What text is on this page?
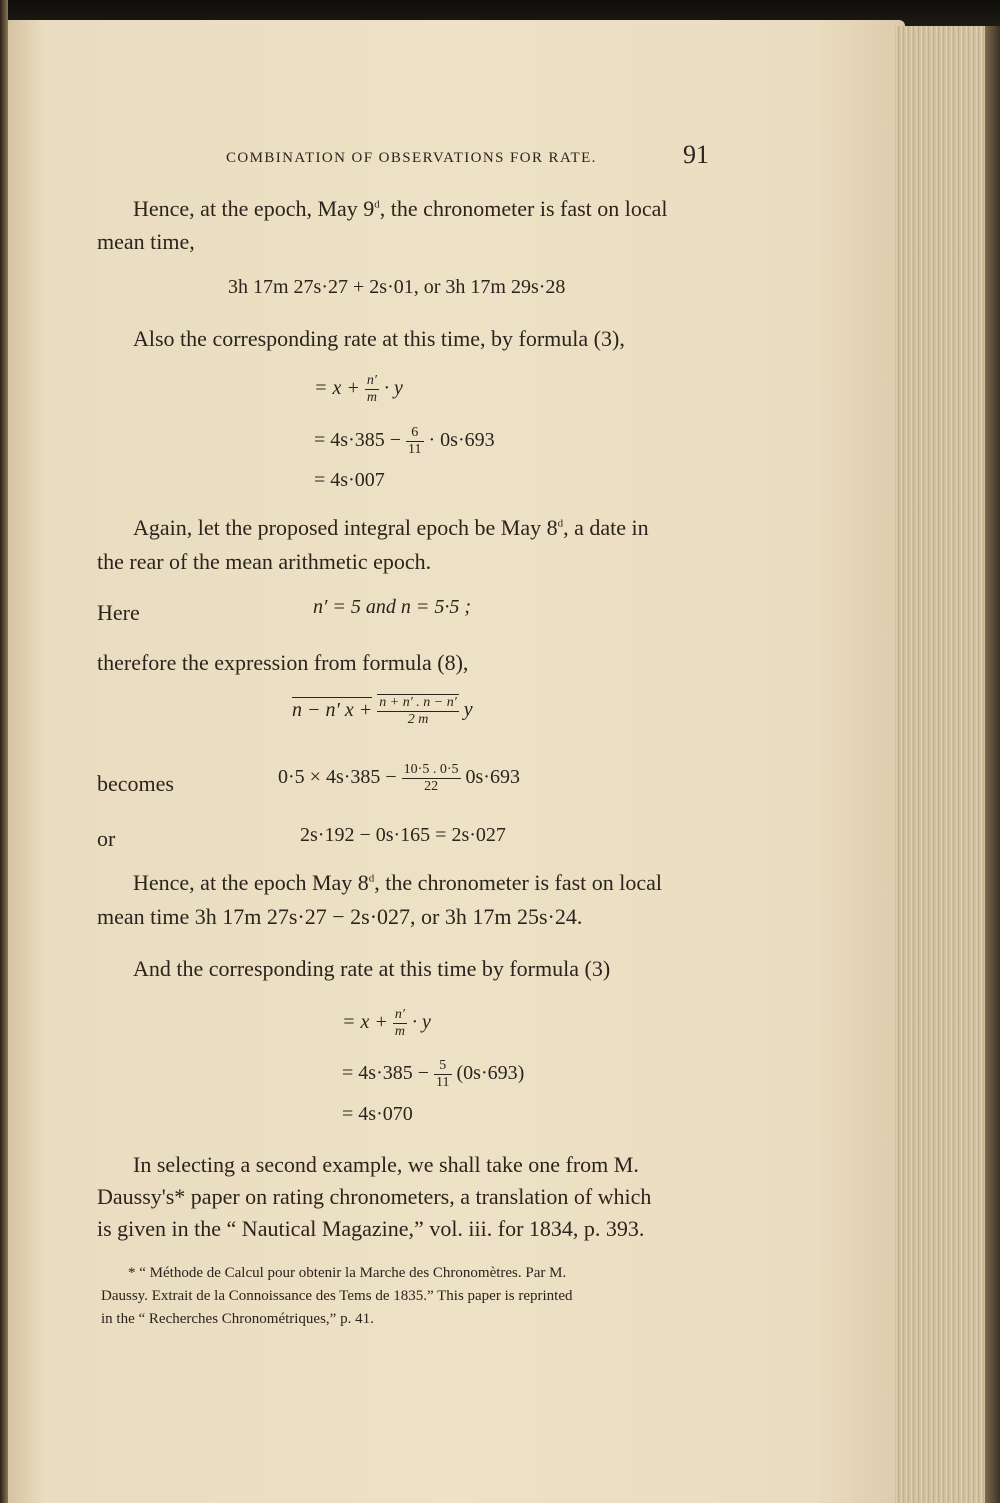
COMBINATION OF OBSERVATIONS FOR RATE.	91
Hence, at the epoch, May 9$^d$, the chronometer is fast on local
mean time,
3h 17m 27s·27 + 2s·01, or 3h 17m 29s·28
Also the corresponding rate at this time, by formula (3),
= $x + \frac{n'}{m} \cdot y$
= $4s\cdot 385 - \frac{6}{11} \cdot 0s\cdot 693$
= 4s·007
Again, let the proposed integral epoch be May 8$^d$, a date in
the rear of the mean arithmetic epoch.
Here	n′ = 5 and n = 5·5 ;
therefore the expression from formula (8),
n − n′ $x + \frac{n + n' . n - n'}{2 m}$ y
becomes	$0\cdot 5 \times 4s\cdot 385 - \frac{10\cdot 5 . 0\cdot 5}{22} 0s\cdot 693$
or	2s·192 − 0s·165 = 2s·027
Hence, at the epoch May 8$^d$, the chronometer is fast on local
mean time 3h 17m 27s·27 − 2s·027, or 3h 17m 25s·24.
And the corresponding rate at this time by formula (3)
= $x + \frac{n'}{m} \cdot y$
= $4s\cdot 385 - \frac{5}{11} (0s\cdot 693)$
= 4s·070
In selecting a second example, we shall take one from M.
Daussy's* paper on rating chronometers, a translation of which
is given in the “ Nautical Magazine,” vol. iii. for 1834, p. 393.
* “ Méthode de Calcul pour obtenir la Marche des Chronomètres. Par M.
Daussy. Extrait de la Connoissance des Tems de 1835.” This paper is reprinted
in the “ Recherches Chronométriques,” p. 41.
